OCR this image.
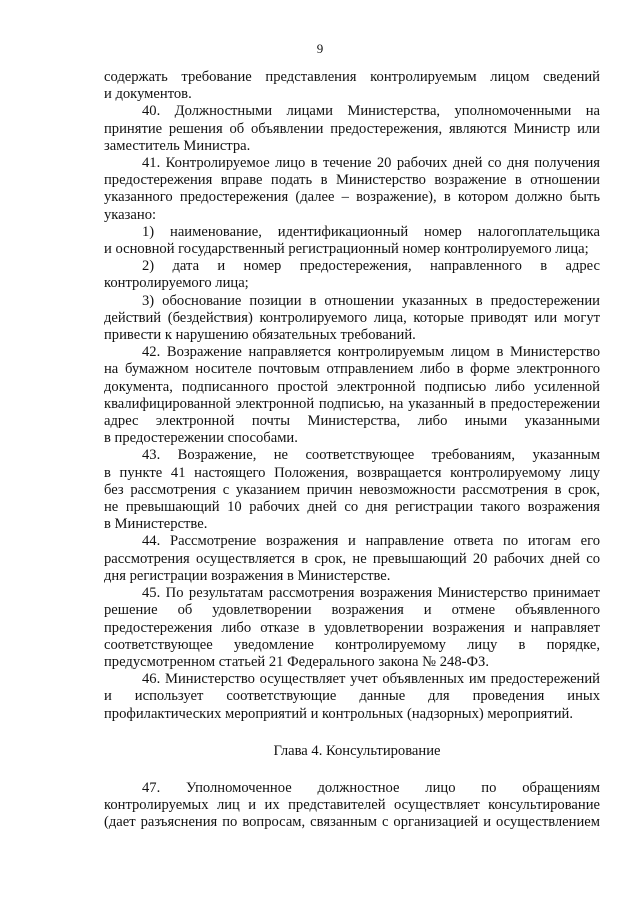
9
содержать требование представления контролируемым лицом сведений
и документов.
40. Должностными лицами Министерства, уполномоченными на
принятие решения об объявлении предостережения, являются Министр или
заместитель Министра.
41. Контролируемое лицо в течение 20 рабочих дней со дня получения
предостережения вправе подать в Министерство возражение в отношении
указанного предостережения (далее – возражение), в котором должно быть
указано:
1) наименование, идентификационный номер налогоплательщика
и основной государственный регистрационный номер контролируемого лица;
2) дата и номер предостережения, направленного в адрес
контролируемого лица;
3) обоснование позиции в отношении указанных в предостережении
действий (бездействия) контролируемого лица, которые приводят или могут
привести к нарушению обязательных требований.
42. Возражение направляется контролируемым лицом в Министерство
на бумажном носителе почтовым отправлением либо в форме электронного
документа, подписанного простой электронной подписью либо усиленной
квалифицированной электронной подписью, на указанный в предостережении
адрес электронной почты Министерства, либо иными указанными
в предостережении способами.
43. Возражение, не соответствующее требованиям, указанным
в пункте 41 настоящего Положения, возвращается контролируемому лицу
без рассмотрения с указанием причин невозможности рассмотрения в срок,
не превышающий 10 рабочих дней со дня регистрации такого возражения
в Министерстве.
44. Рассмотрение возражения и направление ответа по итогам его
рассмотрения осуществляется в срок, не превышающий 20 рабочих дней со
дня регистрации возражения в Министерстве.
45. По результатам рассмотрения возражения Министерство принимает
решение об удовлетворении возражения и отмене объявленного
предостережения либо отказе в удовлетворении возражения и направляет
соответствующее уведомление контролируемому лицу в порядке,
предусмотренном статьей 21 Федерального закона № 248-ФЗ.
46. Министерство осуществляет учет объявленных им предостережений
и использует соответствующие данные для проведения иных
профилактических мероприятий и контрольных (надзорных) мероприятий.
Глава 4. Консультирование
47. Уполномоченное должностное лицо по обращениям
контролируемых лиц и их представителей осуществляет консультирование
(дает разъяснения по вопросам, связанным с организацией и осуществлением
